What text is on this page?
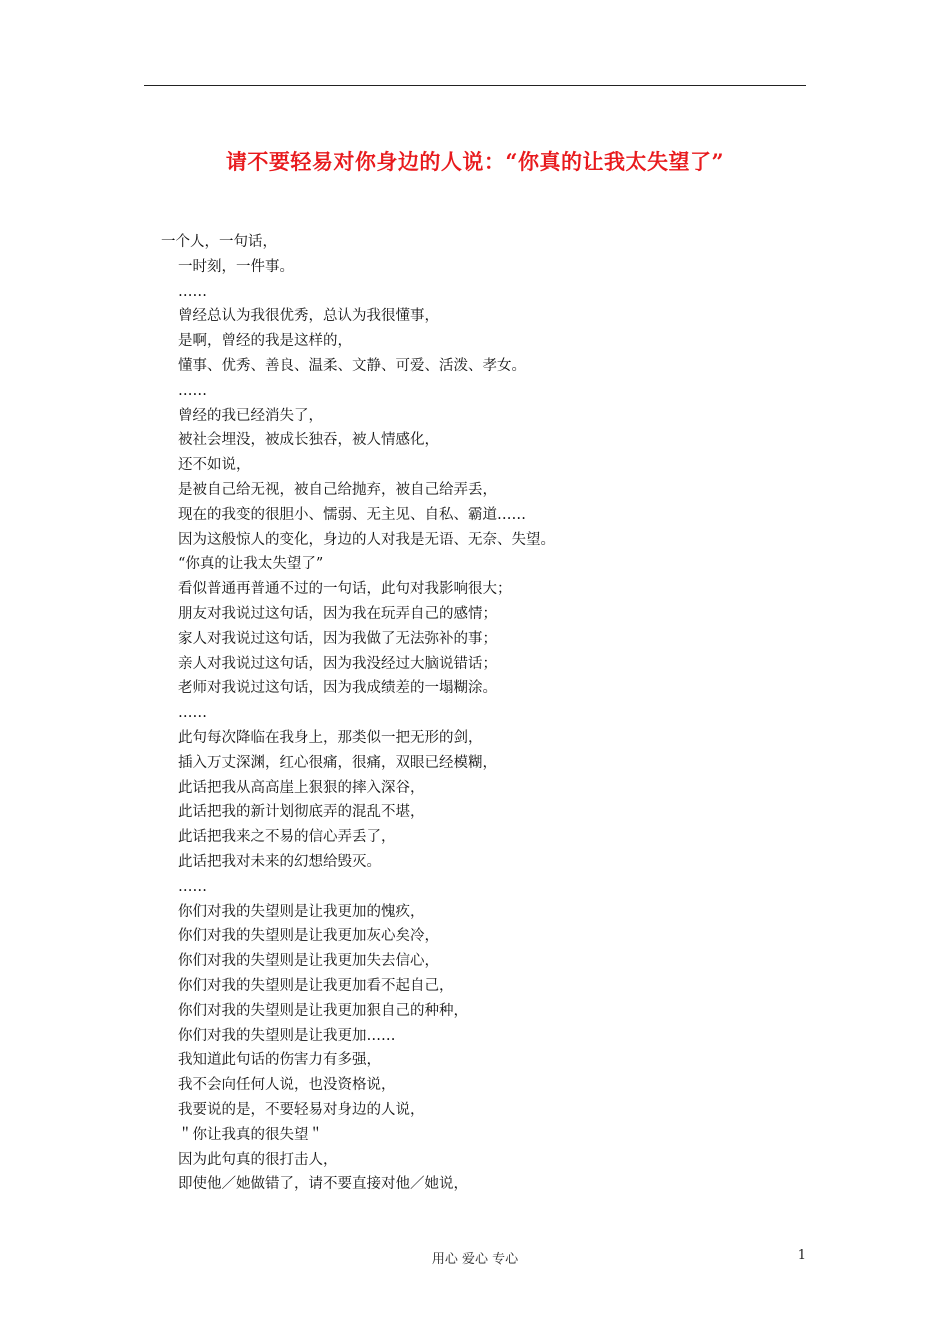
请不要轻易对你身边的人说：“你真的让我太失望了”
一个人，一句话，
一时刻，一件事。
……
曾经总认为我很优秀，总认为我很懂事，
是啊，曾经的我是这样的，
懂事、优秀、善良、温柔、文静、可爱、活泼、孝女。
……
曾经的我已经消失了，
被社会埋没，被成长独吞，被人情感化，
还不如说，
是被自己给无视，被自己给抛弃，被自己给弄丢，
现在的我变的很胆小、懦弱、无主见、自私、霸道……
因为这般惊人的变化，身边的人对我是无语、无奈、失望。
“你真的让我太失望了”
看似普通再普通不过的一句话，此句对我影响很大；
朋友对我说过这句话，因为我在玩弄自己的感情；
家人对我说过这句话，因为我做了无法弥补的事；
亲人对我说过这句话，因为我没经过大脑说错话；
老师对我说过这句话，因为我成绩差的一塌糊涂。
……
此句每次降临在我身上，那类似一把无形的剑，
插入万丈深渊，红心很痛，很痛，双眼已经模糊，
此话把我从高高崖上狠狠的摔入深谷，
此话把我的新计划彻底弄的混乱不堪，
此话把我来之不易的信心弄丢了，
此话把我对未来的幻想给毁灭。
……
你们对我的失望则是让我更加的愧疚，
你们对我的失望则是让我更加灰心矣冷，
你们对我的失望则是让我更加失去信心，
你们对我的失望则是让我更加看不起自己，
你们对我的失望则是让我更加狠自己的种种，
你们对我的失望则是让我更加……
我知道此句话的伤害力有多强，
我不会向任何人说，也没资格说，
我要说的是，不要轻易对身边的人说，
＂你让我真的很失望＂
因为此句真的很打击人，
即使他／她做错了，请不要直接对他／她说，
用心 爱心 专心	1
